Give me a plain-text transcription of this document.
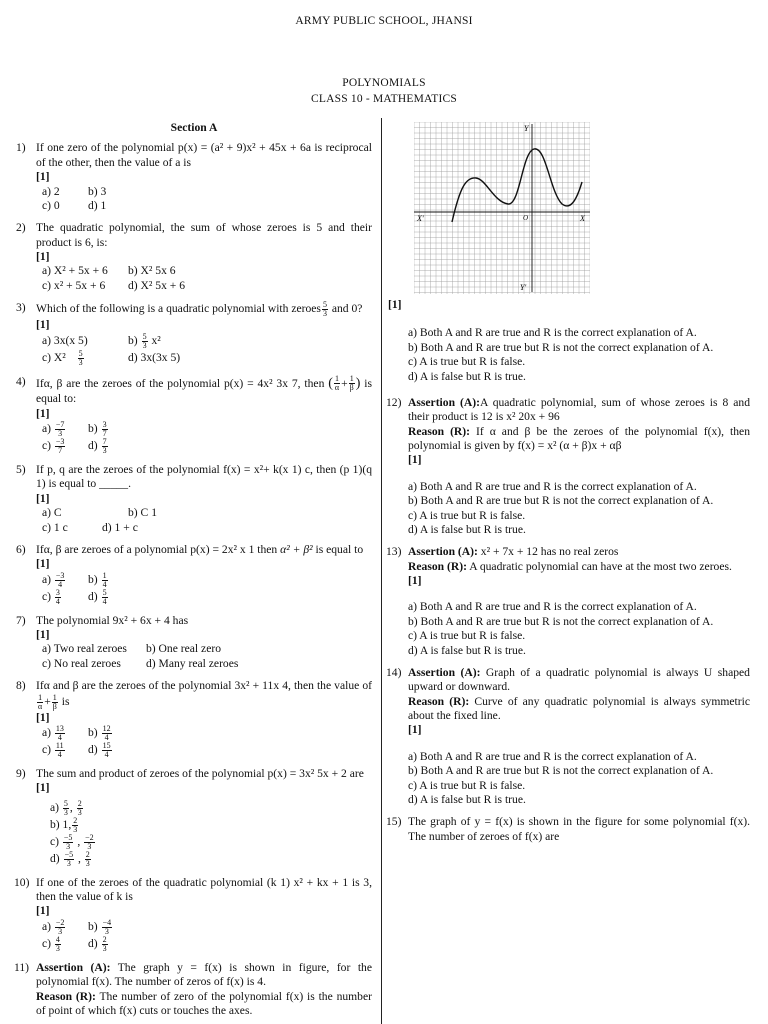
ARMY PUBLIC SCHOOL, JHANSI
POLYNOMIALS
CLASS 10 - MATHEMATICS
Section A
1) If one zero of the polynomial p(x) = (a² + 9)x² + 45x + 6a is reciprocal of the other, then the value of a is
[1]
a) 2 b) 3
c) 0 d) 1
2) The quadratic polynomial, the sum of whose zeroes is 5 and their product is 6, is:
[1]
a) X² + 5x + 6 b) X² 5x 6
c) x² + 5x + 6 d) X² 5x + 6
3) Which of the following is a quadratic polynomial with zeroes $\frac{5}{3}$ and 0?
[1]
a) 3x(x 5)	$b) \frac{5}{3} x^2$
c) $X^2 \frac{5}{3}$	d) 3x(3x 5)
4) Ifα, β are the zeroes of the polynomial p(x) = 4x² 3x 7, then ( $\frac{1}{\alpha} + \frac{1}{\beta}$ ) is equal to:
[1]
$a) \frac{-7}{3} b) \frac{3}{7}$
$c) \frac{-3}{7} d) \frac{7}{3}$
5) If p, q are the zeroes of the polynomial f(x) = x²+ k(x 1) c, then (p 1)(q 1) is equal to _____.
[1]
a) C	b) C 1
c) 1 c	d) 1 + c
6) Ifα, β are zeroes of a polynomial p(x) = 2x² x 1 then α² + β² is equal to
[1]
$a) \frac{-3}{4} b) \frac{1}{4}$
$c) \frac{3}{4} d) \frac{5}{4}$
7) The polynomial 9x² + 6x + 4 has
[1]
a) Two real zeroes b) One real zero
c) No real zeroes d) Many real zeroes
8) Ifα and β are the zeroes of the polynomial 3x² + 11x 4, then the value of
$\frac{1}{\alpha} + \frac{1}{\beta}$ is
[1]
$a) \frac{13}{4} b) \frac{12}{4}$
$c) \frac{11}{4} d) \frac{15}{4}$
9) The sum and product of zeroes of the polynomial p(x) = 3x² 5x + 2 are
[1]
$a) \frac{5}{3}$ , $\frac{2}{3}$
b) 1, $\frac{2}{3}$
$c) \frac{-5}{3}$ , $\frac{-2}{3}$
$d) \frac{-5}{3}$ , $\frac{2}{3}$
10) If one of the zeroes of the quadratic polynomial (k 1) x² + kx + 1 is 3, then the value of k is
[1]
$a) \frac{-2}{3} b) \frac{-4}{3}$
$c) \frac{4}{3} d) \frac{2}{3}$
11) Assertion (A): The graph y = f(x) is shown in figure, for the polynomial f(x). The number of zeros of f(x) is 4.
Reason (R): The number of zero of the polynomial f(x) is the number of point of which f(x) cuts or touches the axes.
Y
Y'
X
X'	O
[1]
a) Both A and R are true and R is the correct explanation of A.
b) Both A and R are true but R is not the correct explanation of A.
c) A is true but R is false.
d) A is false but R is true.
12) Assertion (A):A quadratic polynomial, sum of whose zeroes is 8 and their product is 12 is x² 20x + 96
Reason (R): If α and β be the zeroes of the polynomial f(x), then polynomial is given by f(x) = x² (α + β)x + αβ
[1]
a) Both A and R are true and R is the correct explanation of A.
b) Both A and R are true but R is not the correct explanation of A.
c) A is true but R is false.
d) A is false but R is true.
13) Assertion (A): x² + 7x + 12 has no real zeros
Reason (R): A quadratic polynomial can have at the most two zeroes.
[1]
a) Both A and R are true and R is the correct explanation of A.
b) Both A and R are true but R is not the correct explanation of A.
c) A is true but R is false.
d) A is false but R is true.
14) Assertion (A): Graph of a quadratic polynomial is always U shaped upward or downward.
Reason (R): Curve of any quadratic polynomial is always symmetric about the fixed line.
[1]
a) Both A and R are true and R is the correct explanation of A.
b) Both A and R are true but R is not the correct explanation of A.
c) A is true but R is false.
d) A is false but R is true.
15) The graph of y = f(x) is shown in the figure for some polynomial f(x). The number of zeroes of f(x) are
